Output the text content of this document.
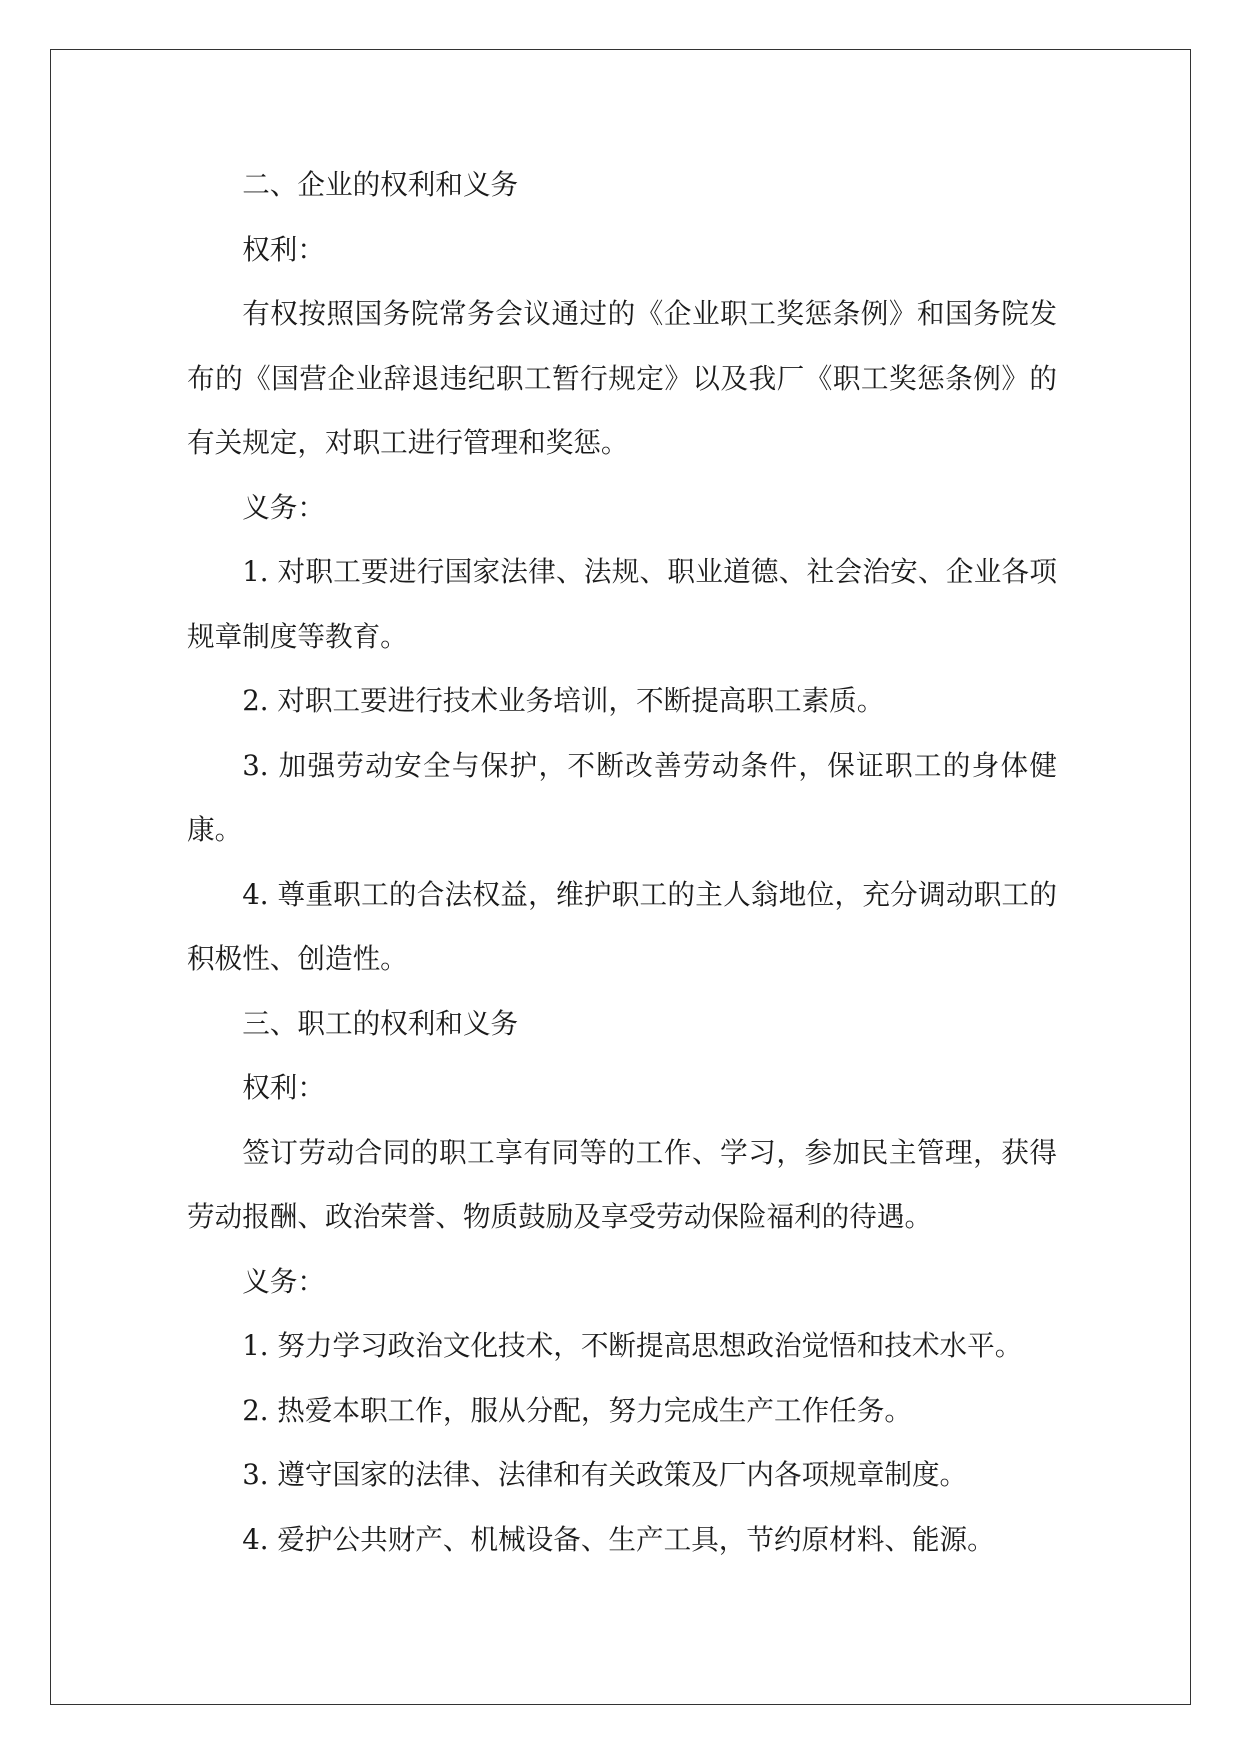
二、企业的权利和义务

权利：

有权按照国务院常务会议通过的《企业职工奖惩条例》和国务院发布的《国营企业辞退违纪职工暂行规定》以及我厂《职工奖惩条例》的有关规定，对职工进行管理和奖惩。

义务：

1. 对职工要进行国家法律、法规、职业道德、社会治安、企业各项规章制度等教育。

2. 对职工要进行技术业务培训，不断提高职工素质。

3. 加强劳动安全与保护，不断改善劳动条件，保证职工的身体健康。

4. 尊重职工的合法权益，维护职工的主人翁地位，充分调动职工的积极性、创造性。

三、职工的权利和义务

权利：

签订劳动合同的职工享有同等的工作、学习，参加民主管理，获得劳动报酬、政治荣誉、物质鼓励及享受劳动保险福利的待遇。

义务：

1. 努力学习政治文化技术，不断提高思想政治觉悟和技术水平。

2. 热爱本职工作，服从分配，努力完成生产工作任务。

3. 遵守国家的法律、法律和有关政策及厂内各项规章制度。

4. 爱护公共财产、机械设备、生产工具，节约原材料、能源。
